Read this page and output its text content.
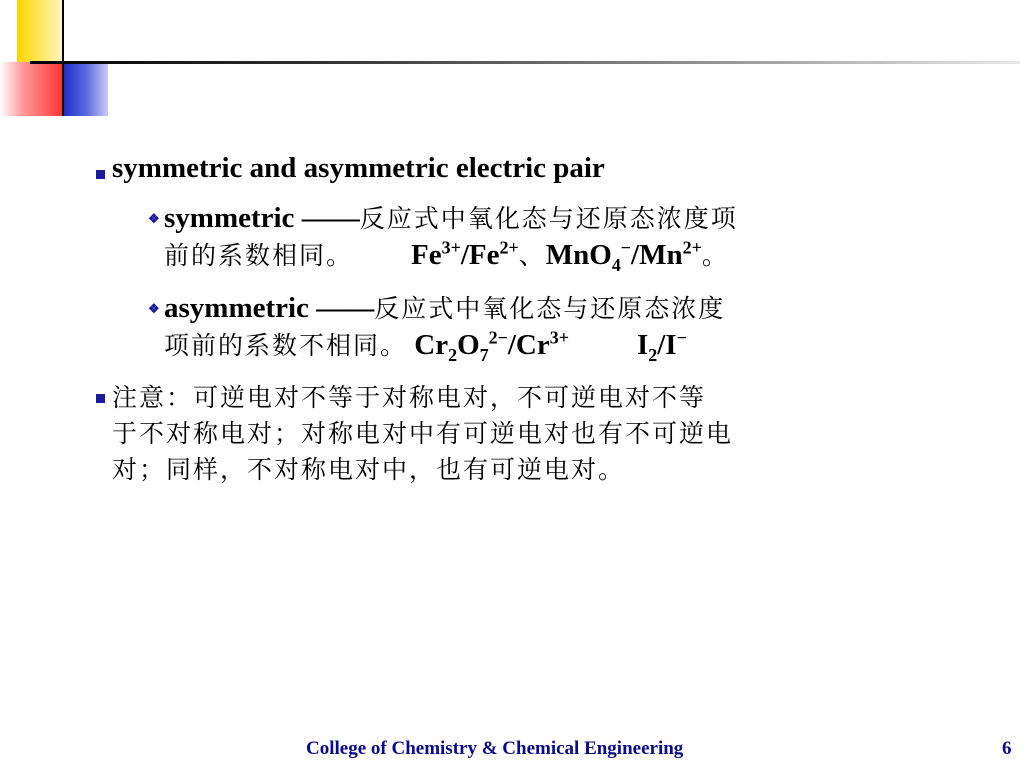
symmetric and asymmetric electric pair
❖ symmetric ——反应式中氧化态与还原态浓度项
前的系数相同。 $Fe^{3+}/Fe^{2+}$、$MnO_4^-/Mn^{2+}$。
❖ asymmetric ——反应式中氧化态与还原态浓度
项前的系数不相同。 $Cr_2O_7^{2-}/Cr^{3+}$ $I_2/I^-$
注意：可逆电对不等于对称电对，不可逆电对不等
于不对称电对；对称电对中有可逆电对也有不可逆电
对；同样，不对称电对中，也有可逆电对。
College of Chemistry & Chemical Engineering	6
